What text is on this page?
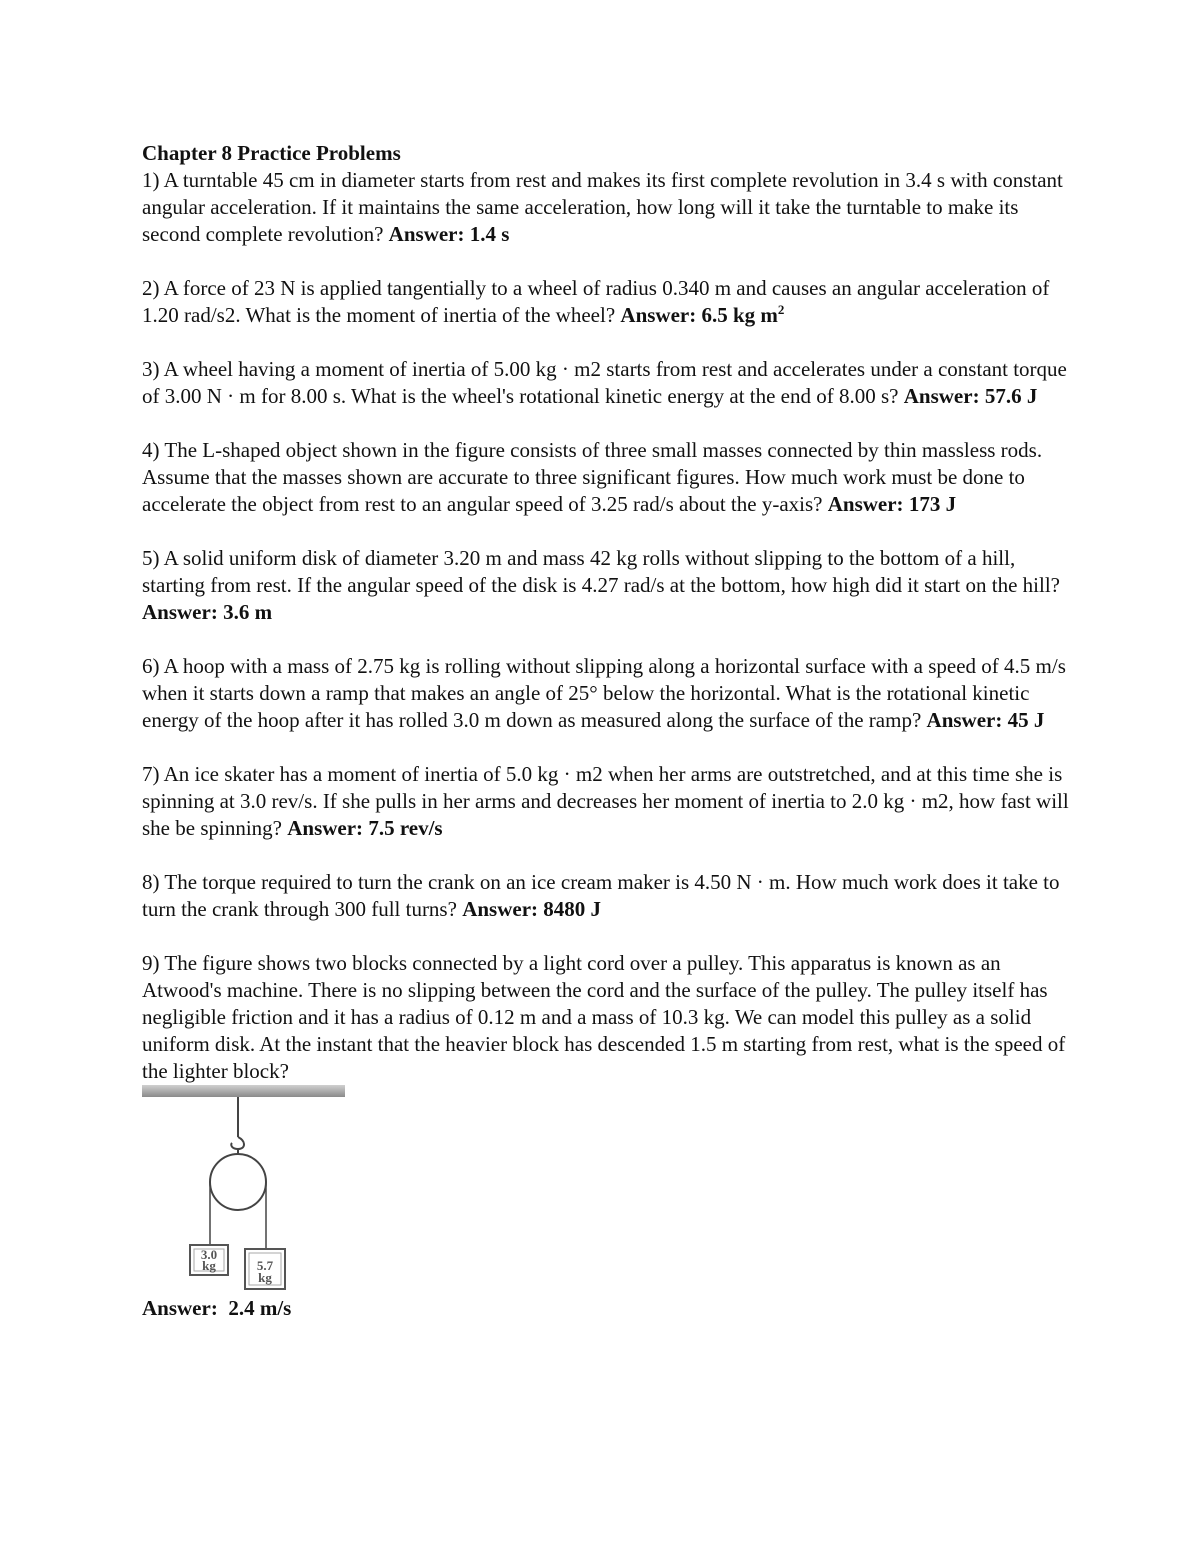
Chapter 8 Practice Problems

1) A turntable 45 cm in diameter starts from rest and makes its first complete revolution in 3.4 s with constant angular acceleration. If it maintains the same acceleration, how long will it take the turntable to make its second complete revolution? Answer: 1.4 s

2) A force of 23 N is applied tangentially to a wheel of radius 0.340 m and causes an angular acceleration of 1.20 rad/s2. What is the moment of inertia of the wheel? Answer: 6.5 kg $m^2$

3) A wheel having a moment of inertia of 5.00 kg · m2 starts from rest and accelerates under a constant torque of 3.00 N · m for 8.00 s. What is the wheel's rotational kinetic energy at the end of 8.00 s? Answer: 57.6 J

4) The L-shaped object shown in the figure consists of three small masses connected by thin massless rods. Assume that the masses shown are accurate to three significant figures. How much work must be done to accelerate the object from rest to an angular speed of 3.25 rad/s about the y-axis? Answer: 173 J

5) A solid uniform disk of diameter 3.20 m and mass 42 kg rolls without slipping to the bottom of a hill, starting from rest. If the angular speed of the disk is 4.27 rad/s at the bottom, how high did it start on the hill? Answer: 3.6 m

6) A hoop with a mass of 2.75 kg is rolling without slipping along a horizontal surface with a speed of 4.5 m/s when it starts down a ramp that makes an angle of 25° below the horizontal. What is the rotational kinetic energy of the hoop after it has rolled 3.0 m down as measured along the surface of the ramp? Answer: 45 J

7) An ice skater has a moment of inertia of 5.0 kg · m2 when her arms are outstretched, and at this time she is spinning at 3.0 rev/s. If she pulls in her arms and decreases her moment of inertia to 2.0 kg · m2, how fast will she be spinning? Answer: 7.5 rev/s

8) The torque required to turn the crank on an ice cream maker is 4.50 N · m. How much work does it take to turn the crank through 300 full turns? Answer: 8480 J

9) The figure shows two blocks connected by a light cord over a pulley. This apparatus is known as an Atwood's machine. There is no slipping between the cord and the surface of the pulley. The pulley itself has negligible friction and it has a radius of 0.12 m and a mass of 10.3 kg. We can model this pulley as a solid uniform disk. At the instant that the heavier block has descended 1.5 m starting from rest, what is the speed of the lighter block?

3.0
kg	5.7
kg

Answer: 2.4 m/s
